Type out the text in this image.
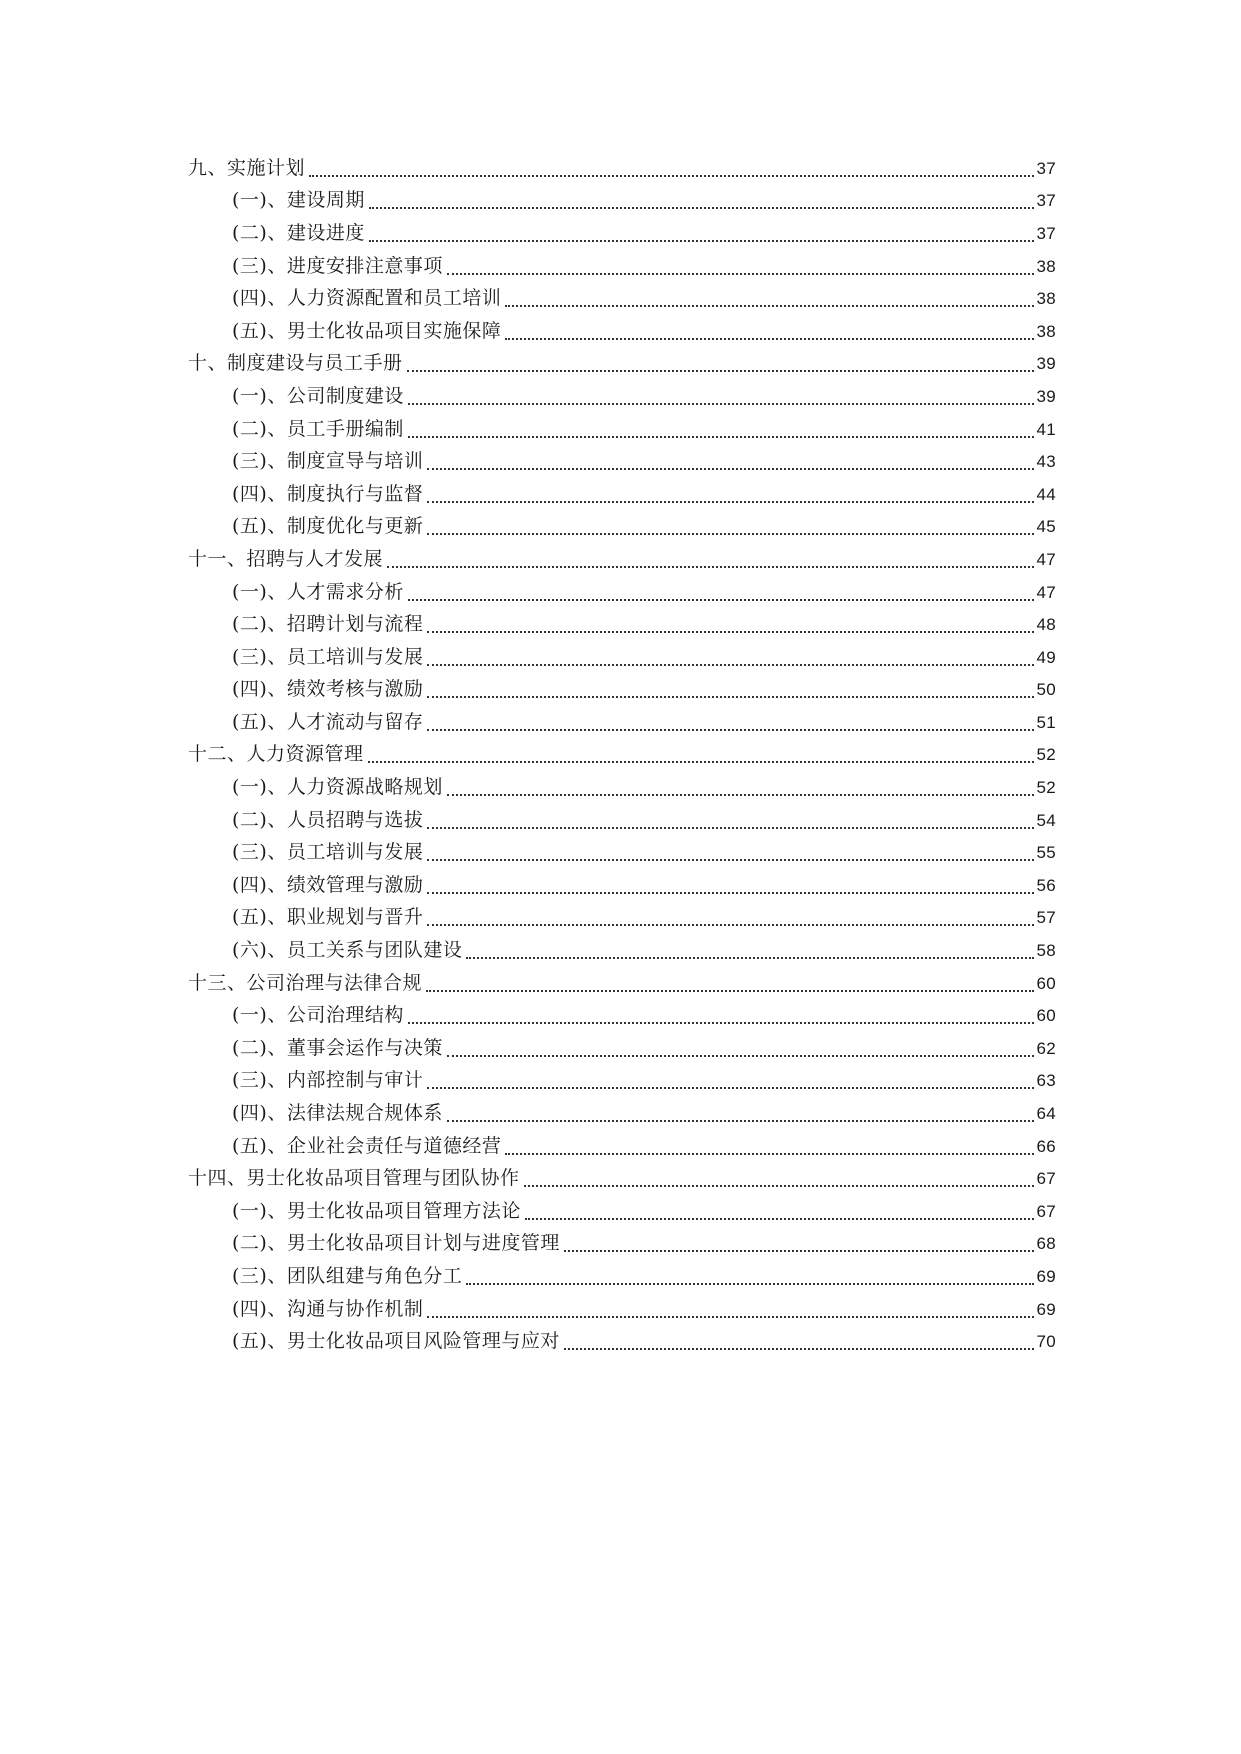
九、实施计划	37
(一)、建设周期	37
(二)、建设进度	37
(三)、进度安排注意事项	38
(四)、人力资源配置和员工培训	38
(五)、男士化妆品项目实施保障	38
十、制度建设与员工手册	39
(一)、公司制度建设	39
(二)、员工手册编制	41
(三)、制度宣导与培训	43
(四)、制度执行与监督	44
(五)、制度优化与更新	45
十一、招聘与人才发展	47
(一)、人才需求分析	47
(二)、招聘计划与流程	48
(三)、员工培训与发展	49
(四)、绩效考核与激励	50
(五)、人才流动与留存	51
十二、人力资源管理	52
(一)、人力资源战略规划	52
(二)、人员招聘与选拔	54
(三)、员工培训与发展	55
(四)、绩效管理与激励	56
(五)、职业规划与晋升	57
(六)、员工关系与团队建设	58
十三、公司治理与法律合规	60
(一)、公司治理结构	60
(二)、董事会运作与决策	62
(三)、内部控制与审计	63
(四)、法律法规合规体系	64
(五)、企业社会责任与道德经营	66
十四、男士化妆品项目管理与团队协作	67
(一)、男士化妆品项目管理方法论	67
(二)、男士化妆品项目计划与进度管理	68
(三)、团队组建与角色分工	69
(四)、沟通与协作机制	69
(五)、男士化妆品项目风险管理与应对	70
